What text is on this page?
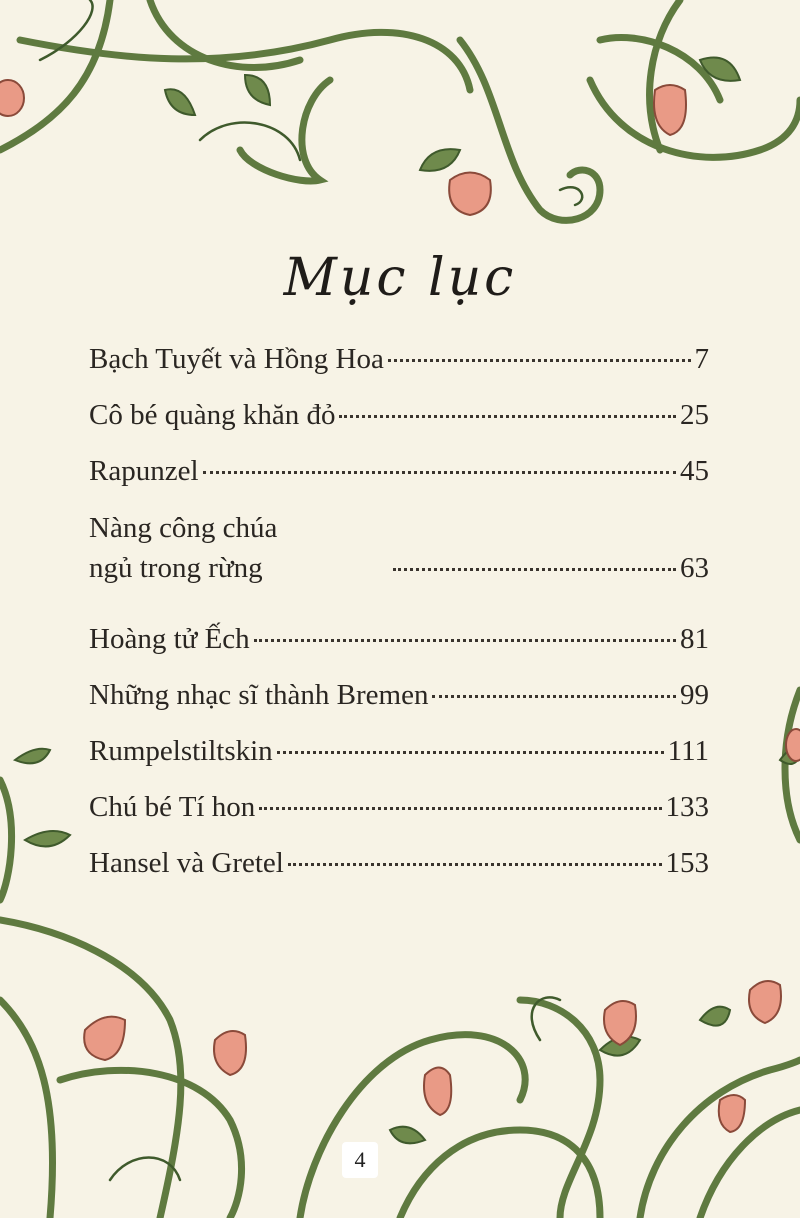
Mục lục
Bạch Tuyết và Hồng Hoa	7
Cô bé quàng khăn đỏ	25
Rapunzel	45
Nàng công chúa
ngủ trong rừng	63
Hoàng tử Ếch	81
Những nhạc sĩ thành Bremen	99
Rumpelstiltskin	111
Chú bé Tí hon	133
Hansel và Gretel	153
4
